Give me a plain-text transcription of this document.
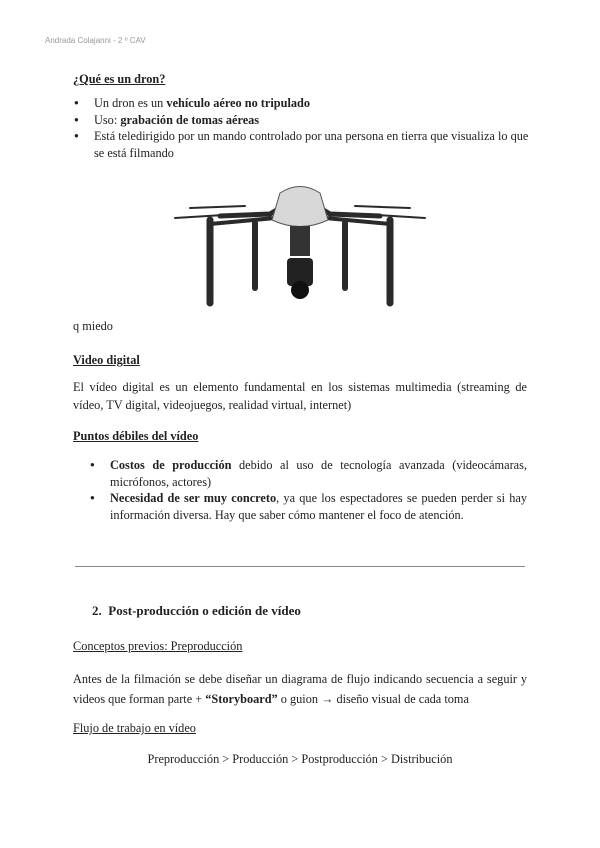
Andrada Colajanni - 2 º CAV
¿Qué es un dron?
● Un dron es un vehículo aéreo no tripulado
● Uso: grabación de tomas aéreas
● Está teledirigido por un mando controlado por una persona en tierra que visualiza lo que se está filmando
q miedo
Video digital

El vídeo digital es un elemento fundamental en los sistemas multimedia (streaming de vídeo, TV digital, videojuegos, realidad virtual, internet)

Puntos débiles del vídeo
● Costos de producción debido al uso de tecnología avanzada (videocámaras, micrófonos, actores)
● Necesidad de ser muy concreto, ya que los espectadores se pueden perder si hay información diversa. Hay que saber cómo mantener el foco de atención.
2. Post-producción o edición de vídeo
Conceptos previos: Preproducción

Antes de la filmación se debe diseñar un diagrama de flujo indicando secuencia a seguir y videos que forman parte + “Storyboard” o guion → diseño visual de cada toma

Flujo de trabajo en vídeo
Preproducción > Producción > Postproducción > Distribución
